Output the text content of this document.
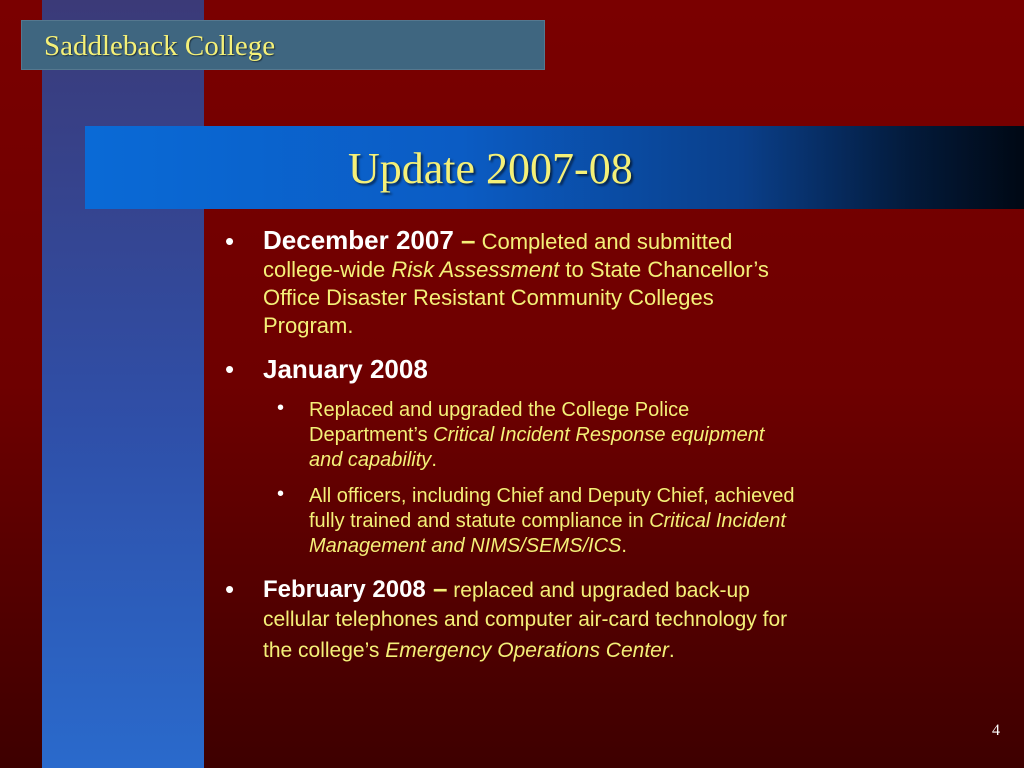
Saddleback College
Update 2007-08
• December 2007 – Completed and submitted
college-wide Risk Assessment to State Chancellor’s
Office Disaster Resistant Community Colleges
Program.
• January 2008
• Replaced and upgraded the College Police
Department’s Critical Incident Response equipment
and capability.
• All officers, including Chief and Deputy Chief, achieved
fully trained and statute compliance in Critical Incident
Management and NIMS/SEMS/ICS.
• February 2008 – replaced and upgraded back-up
cellular telephones and computer air-card technology for
the college’s Emergency Operations Center.
4
